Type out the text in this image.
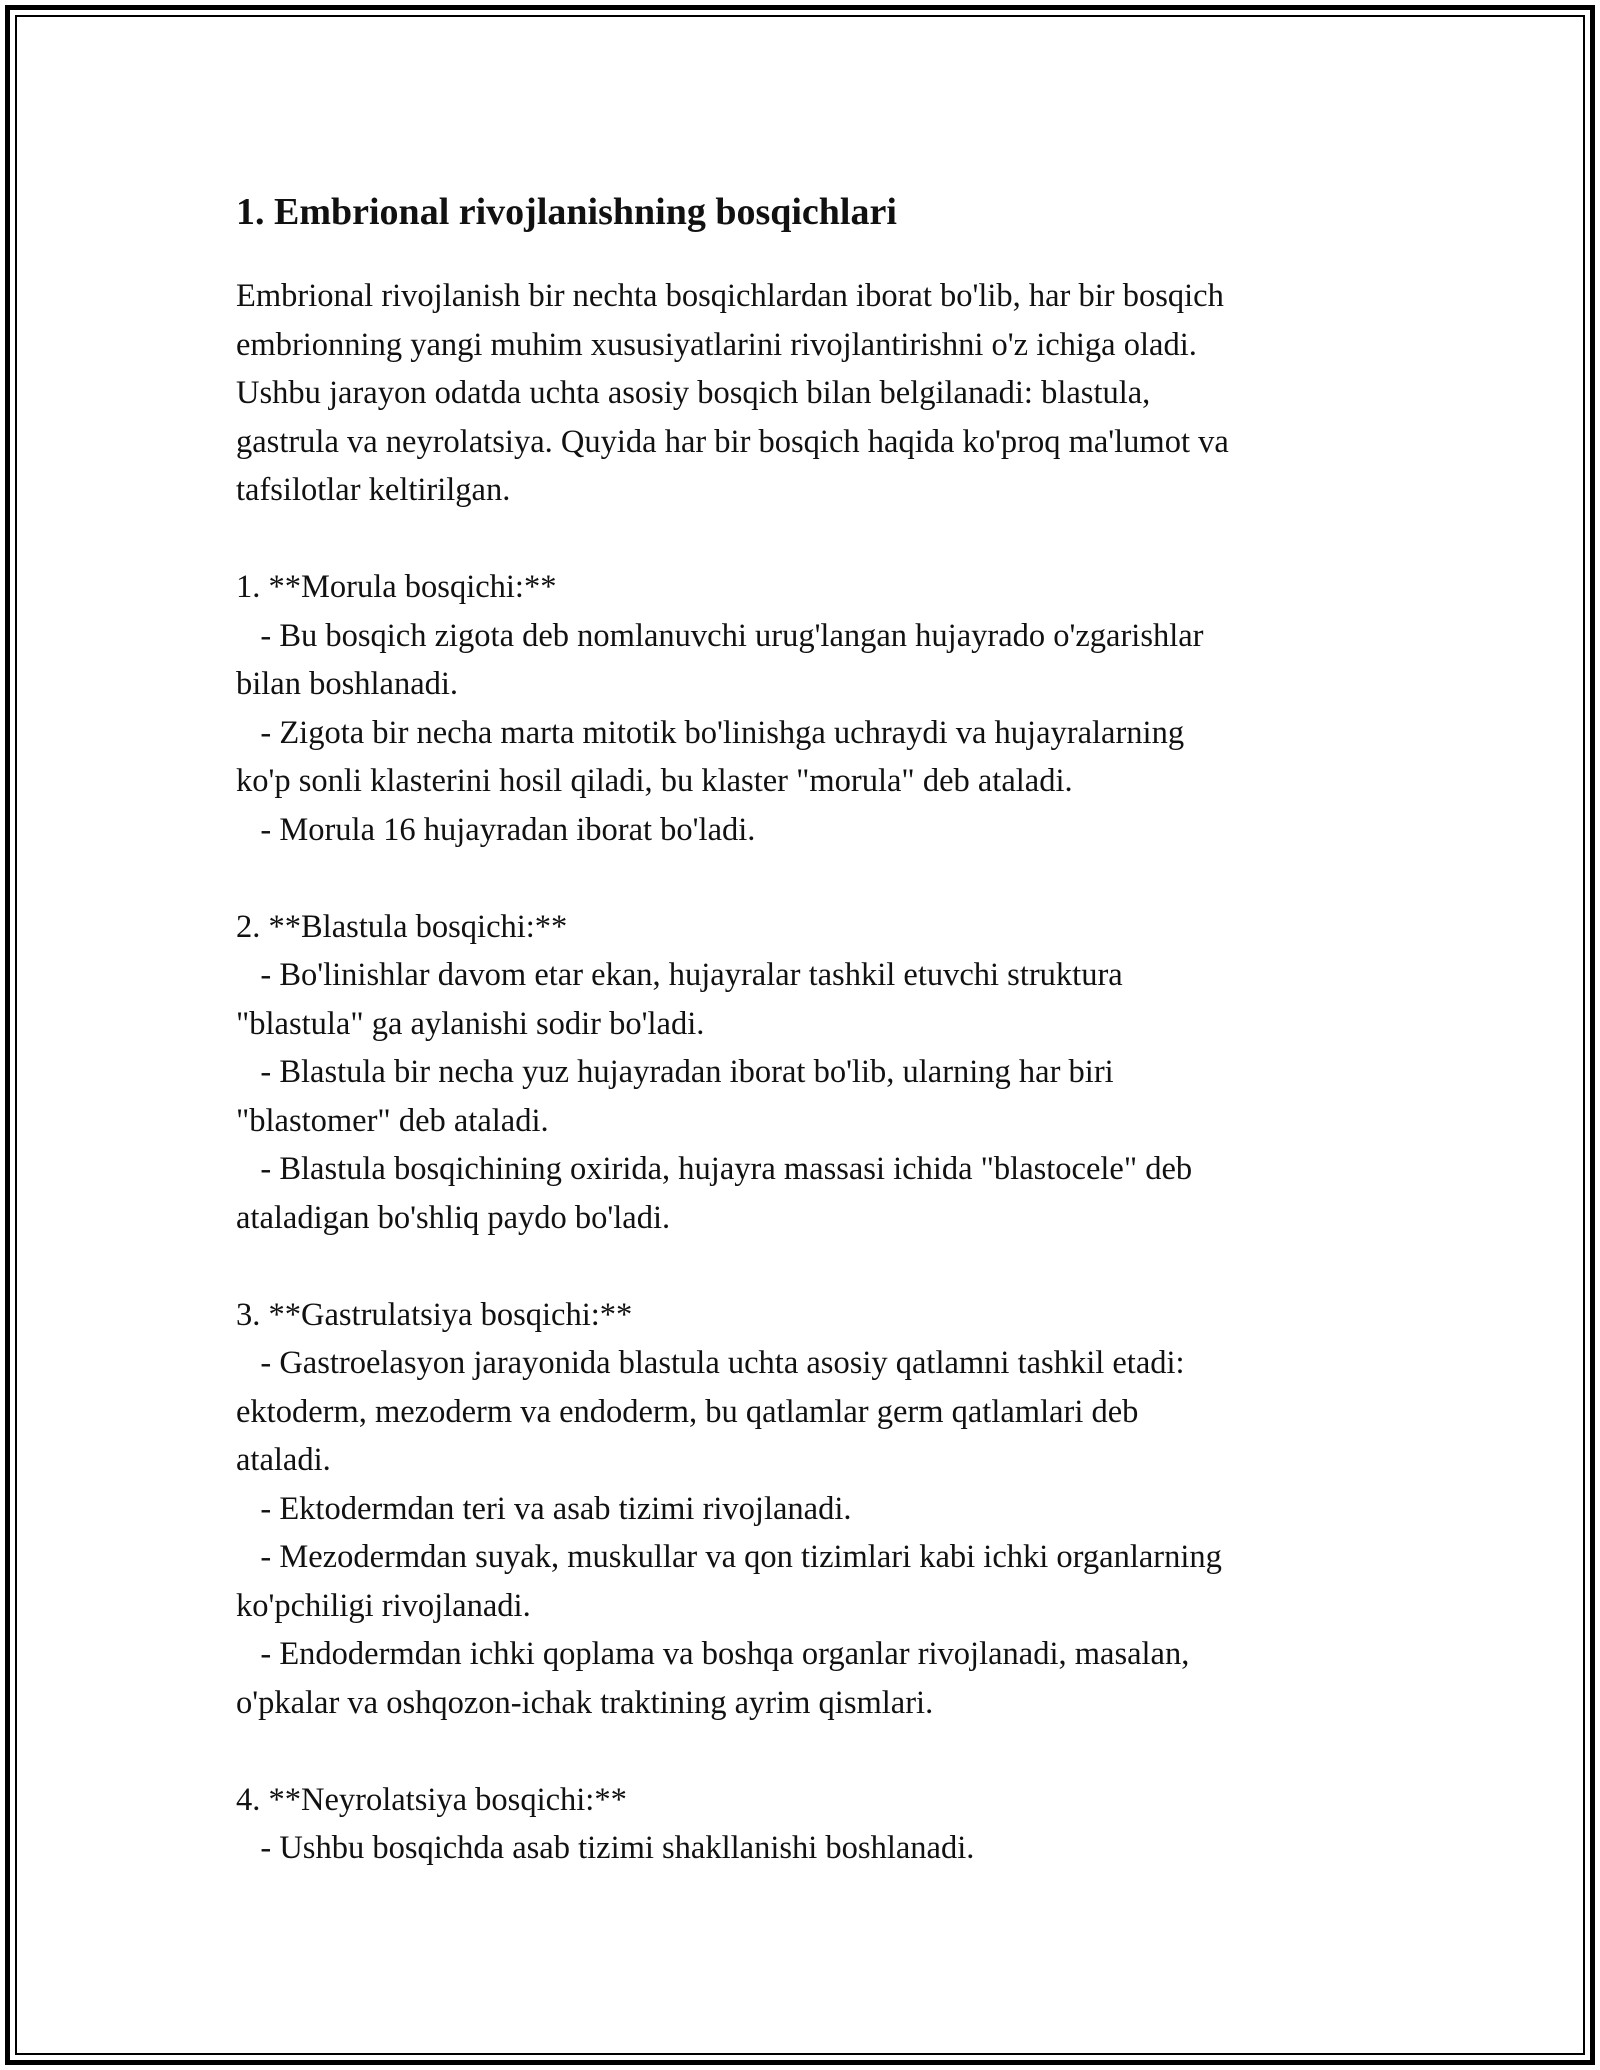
1. Embrional rivojlanishning bosqichlari

Embrional rivojlanish bir nechta bosqichlardan iborat bo'lib, har bir bosqich
embrionning yangi muhim xususiyatlarini rivojlantirishni o'z ichiga oladi.
Ushbu jarayon odatda uchta asosiy bosqich bilan belgilanadi: blastula,
gastrula va neyrolatsiya. Quyida har bir bosqich haqida ko'proq ma'lumot va
tafsilotlar keltirilgan.

1. **Morula bosqichi:**
- Bu bosqich zigota deb nomlanuvchi urug'langan hujayrado o'zgarishlar
bilan boshlanadi.
- Zigota bir necha marta mitotik bo'linishga uchraydi va hujayralarning
ko'p sonli klasterini hosil qiladi, bu klaster "morula" deb ataladi.
- Morula 16 hujayradan iborat bo'ladi.

2. **Blastula bosqichi:**
- Bo'linishlar davom etar ekan, hujayralar tashkil etuvchi struktura
"blastula" ga aylanishi sodir bo'ladi.
- Blastula bir necha yuz hujayradan iborat bo'lib, ularning har biri
"blastomer" deb ataladi.
- Blastula bosqichining oxirida, hujayra massasi ichida "blastocele" deb
ataladigan bo'shliq paydo bo'ladi.

3. **Gastrulatsiya bosqichi:**
- Gastroelasyon jarayonida blastula uchta asosiy qatlamni tashkil etadi:
ektoderm, mezoderm va endoderm, bu qatlamlar germ qatlamlari deb
ataladi.
- Ektodermdan teri va asab tizimi rivojlanadi.
- Mezodermdan suyak, muskullar va qon tizimlari kabi ichki organlarning
ko'pchiligi rivojlanadi.
- Endodermdan ichki qoplama va boshqa organlar rivojlanadi, masalan,
o'pkalar va oshqozon-ichak traktining ayrim qismlari.

4. **Neyrolatsiya bosqichi:**
- Ushbu bosqichda asab tizimi shakllanishi boshlanadi.
